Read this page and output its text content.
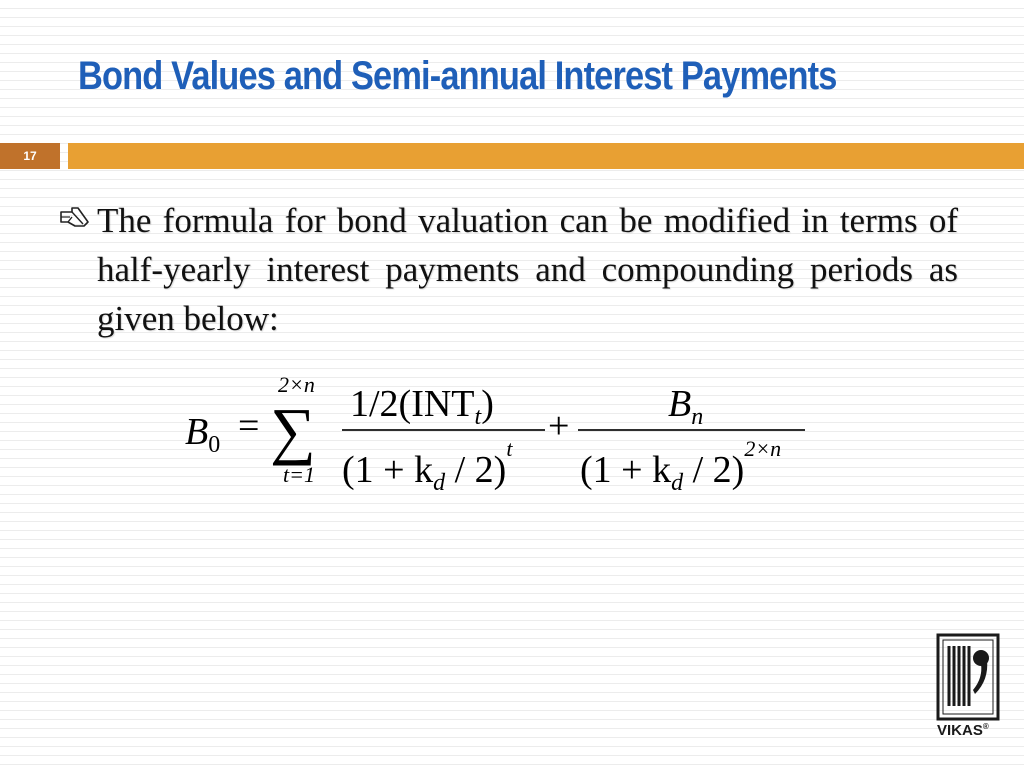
Bond Values and Semi-annual Interest Payments
17

The formula for bond valuation can be modified in terms of half-yearly interest payments and compounding periods as given below:

$B_0$ =
2×n
∑
t=1
$1/2(INT_t)$
$(1 + k_d / 2)^t$
+
$B_n$
$(1 + k_d / 2)^{2\times n}$
VIKAS®
